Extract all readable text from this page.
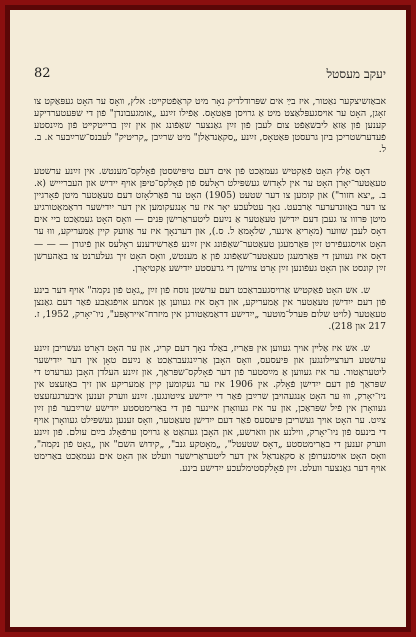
82	יעקב מעסטל

אבאַזשיצקער נאַטור, איז בײַ אים שפּרודלדיק נאָר מיט קראַפֿטקײט: אלץ, װאָס ער האָט געפּאַקט צו זאָגן, האָט ער אויסגעפּלאַצט מיט אַ גרױסן פּאַטאָס. אַפֿילו זײַנע „אומגעבונדן" פֿון די שפּעטערדיקע קענען פֿון אַזאַ ליבשאַפֿט צום לעבן פֿון זײַן גאַנצער שאַפֿונג און אין זײַן ברייטקײט פֿון מײַנסטע פֿעדערשטריכן ביזן גרעסטן פּאַטאָס, זײַנע „סקאַנדאַלן" מיט שרײַבן „קריטיק" לעבנס־שרײַבער א. ב. ל.

דאָס אַלץ האָט פֿאַקטיש געמאַכט פֿון אים דעם טיפּישסטן פֿאָלקס־מענטש. אין זײַנע ערשטע טעאַטער־יאָרן האָט ער אין לאָדזש געשפּילט ראָלעס פֿון פֿאָלקס־טיפּן אויף יידיש און העבריייש (א. ב. „יצא חזור") און קומען צו דער שטעט (1905) האָט ער פֿאַרלאָזט דעם טעאַטער מיטן פֿאָרגיין צו דער באַזונדערער אַרבעט. נאָך עטלעכע יאָר איז ער אָנגעקומען אין דער ייִדישער דראַמאַטורגיע מיטן פּרווו צו געבן דעם ייִדישן טעאַטער אַ נײַעם ליטעראַרישן פּנים — װאָס האָט געמאַכט ביי אים דאָס לעבן שווער (מאָריאַ אינער, שלאָמאַ ל. ס.), און דערנאָך איז ער אַוועק קיין אַמעריקע, וווּ ער האָט אויסגעפֿירט זײַן פּאַרמעגן טעאַטער־שאַפֿונג אין זײַנע פֿאַרשידענע ראָלעס און פֿיגורן — — — דאָס איז געווען די פּאַרמעגן טעאַטער־שאַפֿונג פֿון אַ מענטש, וואָס האָט זיך געלערנט צו באַהערשן זײַן קונסט און האָט געפֿונען זײַן אָרט צווישן די גרעסטע ייִדישע אַקטיאָרן.

ש. אש האָט פֿאַקטיש אַרויסגעבראַכט דעם ערשטן נוסח פֿון זײַן „גאָט פֿון נקמה" אויף דער בינע פֿון דעם ייִדישן טעאַטער אין אַמעריקע, און דאָס איז געווען אַן אמתע אויפֿגאַבע פֿאַר דעם גאַנצן טעאַטער (לויט שלום פּערל־מוטער „ייִדישע דראַמאַטורגן אין מיזרח־אייראָפּע", ניו־יאָרק, 1952, ז. 217 און 218).

ש. אש איז אַלײן אויך געווען אין פּאַריז, באַלד נאָך דעם קריג, און ער האָט דאָרט געשריבן זײַנע ערשטע דערציילונגען און פּיעסעס, װאָס האָבן אַרײַנגעבראַכט אַ נײַעם טאָן אין דער ייִדישער ליטעראַטור. ער איז געווען אַ מײַסטער פֿון דער פֿאָלקס־שפּראַך, און זײַנע העלדן האָבן גערעדט די שפּראַך פֿון דעם ייִדישן פֿאָלק. אין 1906 איז ער געקומען קיין אַמעריקע און זיך באַזעצט אין ניו־יאָרק, וווּ ער האָט אָנגעהויבן שרײַבן פֿאַר די ייִדישע צײַטונגען. זײַנע ווערק זענען איבערגעזעצט געוואָרן אין פֿיל שפּראַכן, און ער איז געוואָרן איינער פֿון די באַרימטסטע ייִדישע שרײַבער פֿון זײַן צײַט. ער האָט אויך געשריבן פּיעסעס פֿאַר דעם ייִדישן טעאַטער, װאָס זענען געשפּילט געוואָרן אויף די בינעס פֿון ניו־יאָרק, ווילנע און ווארשע, און האָבן געהאַט אַ גרויסן ערפֿאָלג בײַם עולם. פֿון זײַנע ווערק זענען די באַרימטסטע „דאָס שטעטל", „מאָטקע גנב", „קידוש השם" און „גאָט פֿון נקמה", װאָס האָט אויסגערופֿן אַ סקאַנדאַל אין דער ליטעראַרישער וועלט און האָט אים געמאַכט באַרימט אויף דער גאַנצער וועלט. זײַן פֿאָלקסטימלעכע ייִדישע בינע.
